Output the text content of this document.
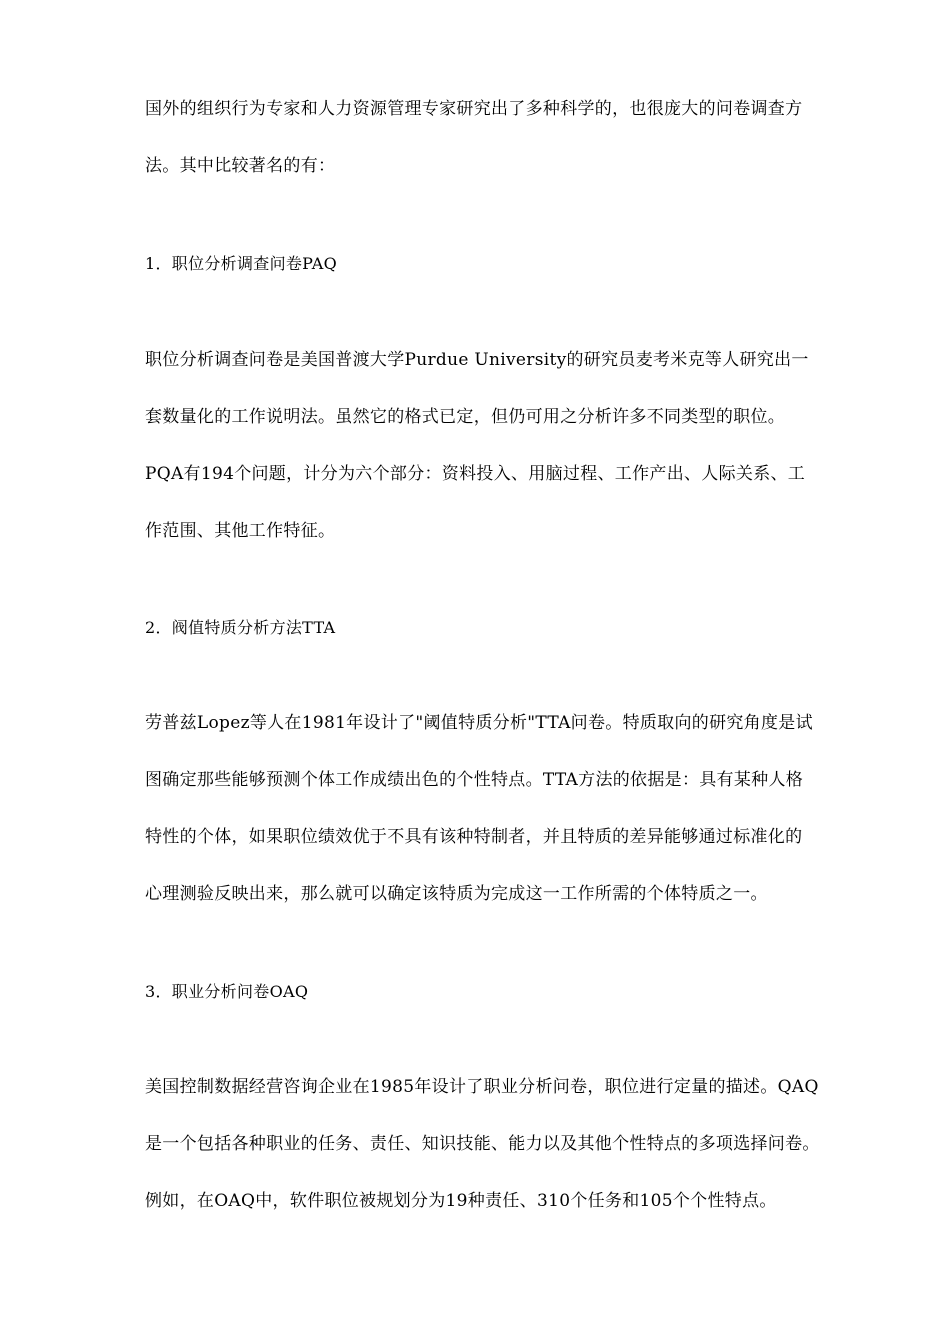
国外的组织行为专家和人力资源管理专家研究出了多种科学的，也很庞大的问卷调查方
法。其中比较著名的有：
1．职位分析调查问卷PAQ
职位分析调查问卷是美国普渡大学Purdue University的研究员麦考米克等人研究出一
套数量化的工作说明法。虽然它的格式已定，但仍可用之分析许多不同类型的职位。
PQA有194个问题，计分为六个部分：资料投入、用脑过程、工作产出、人际关系、工
作范围、其他工作特征。
2．阀值特质分析方法TTA
劳普兹Lopez等人在1981年设计了"阈值特质分析"TTA问卷。特质取向的研究角度是试
图确定那些能够预测个体工作成绩出色的个性特点。TTA方法的依据是：具有某种人格
特性的个体，如果职位绩效优于不具有该种特制者，并且特质的差异能够通过标准化的
心理测验反映出来，那么就可以确定该特质为完成这一工作所需的个体特质之一。
3．职业分析问卷OAQ
美国控制数据经营咨询企业在1985年设计了职业分析问卷，职位进行定量的描述。QAQ
是一个包括各种职业的任务、责任、知识技能、能力以及其他个性特点的多项选择问卷。
例如，在OAQ中，软件职位被规划分为19种责任、310个任务和105个个性特点。
